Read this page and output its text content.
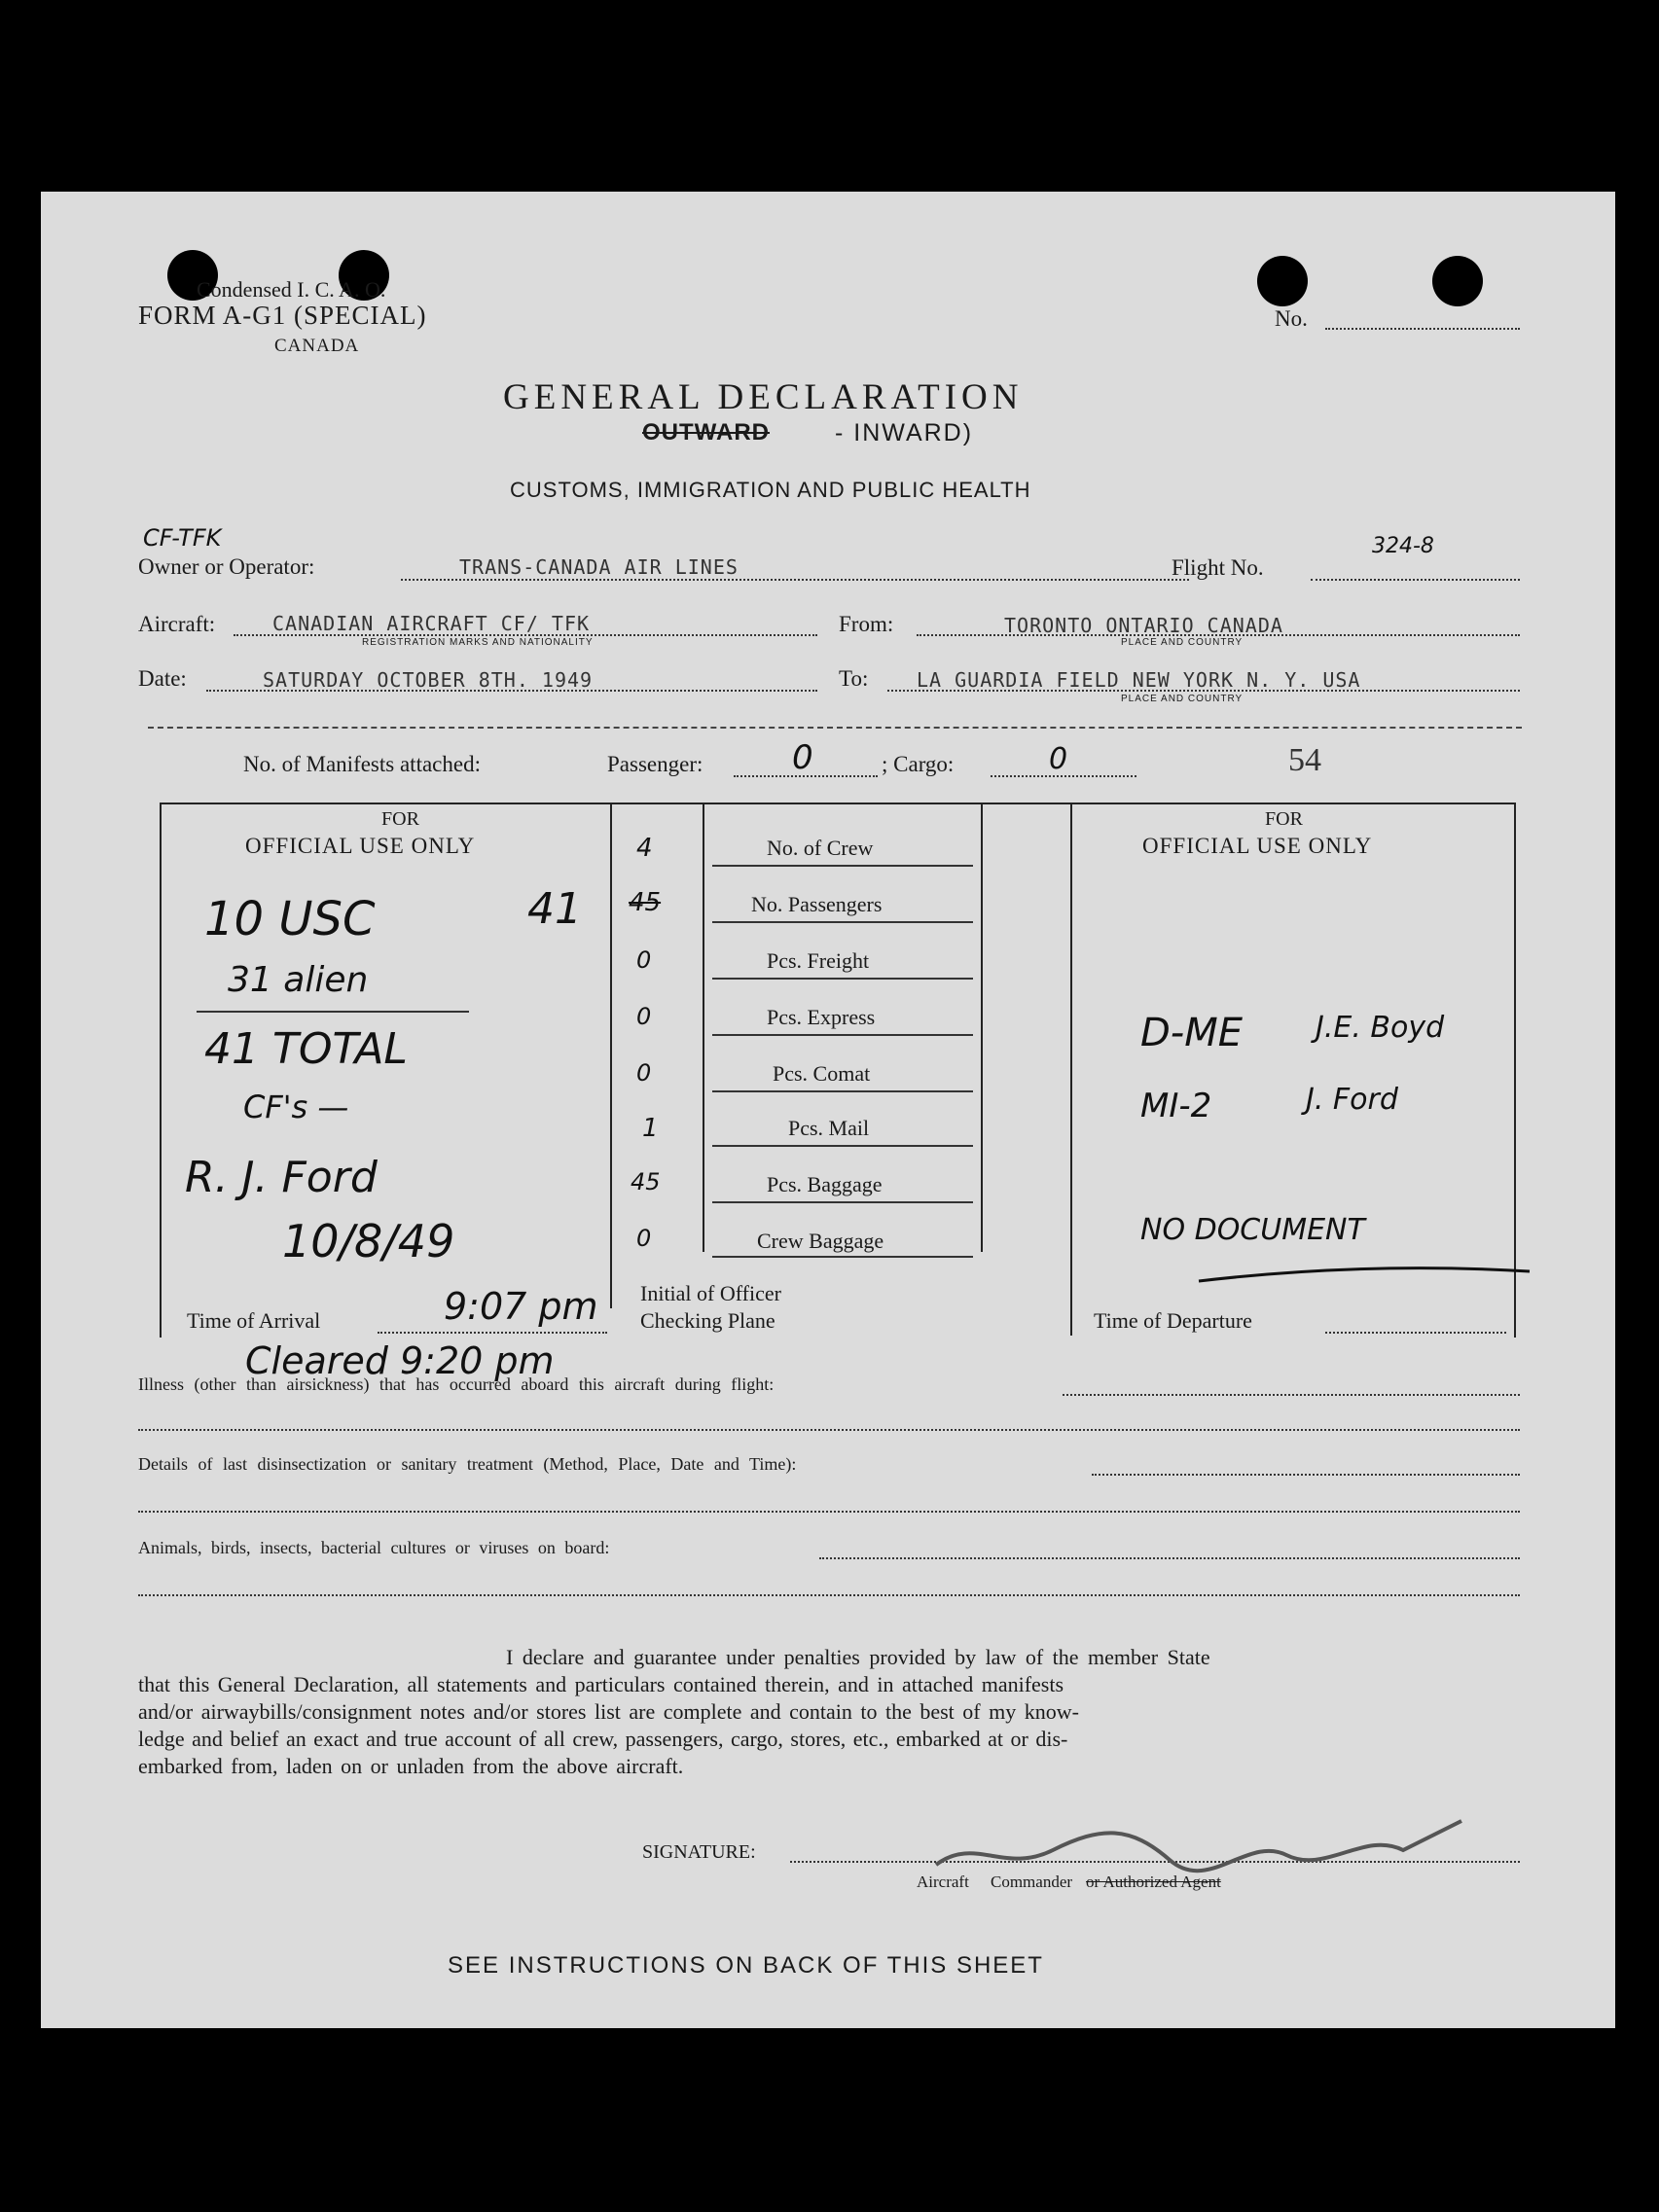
Condensed I. C. A. O.
FORM A-G1 (SPECIAL)
CANADA
No.
GENERAL DECLARATION
OUTWARD	- INWARD)
CUSTOMS, IMMIGRATION AND PUBLIC HEALTH
CF-TFK
Owner or Operator:	TRANS-CANADA AIR LINES	Flight No.
324-8
Aircraft:	CANADIAN AIRCRAFT CF/ TFK
REGISTRATION MARKS AND NATIONALITY
From:	TORONTO ONTARIO CANADA
PLACE AND COUNTRY
Date:	SATURDAY OCTOBER 8TH. 1949	To: LA GUARDIA FIELD NEW YORK N. Y. USA
PLACE AND COUNTRY
No. of Manifests attached:	Passenger:	0	; Cargo:	0	54
FOR
OFFICIAL USE ONLY
FOR
OFFICIAL USE ONLY
4	No. of Crew
45	No. Passengers
0	Pcs. Freight
0	Pcs. Express
0	Pcs. Comat
1	Pcs. Mail
45	Pcs. Baggage
0	Crew Baggage
Initial of Officer
Checking Plane
Time of Arrival	9:07 pm	Time of Departure
10 USC	41
31 alien
41 TOTAL
CF's —
R. J. Ford
10/8/49
D-ME J.E. Boyd
MI-2	J. Ford
NO DOCUMENT
Cleared 9:20 pm
Illness (other than airsickness) that has occurred aboard this aircraft during flight:
Details of last disinsectization or sanitary treatment (Method, Place, Date and Time):
Animals, birds, insects, bacterial cultures or viruses on board:
I declare and guarantee under penalties provided by law of the member State
that this General Declaration, all statements and particulars contained therein, and in attached manifests
and/or airwaybills/consignment notes and/or stores list are complete and contain to the best of my know-
ledge and belief an exact and true account of all crew, passengers, cargo, stores, etc., embarked at or dis-
embarked from, laden on or unladen from the above aircraft.
SIGNATURE:
Aircraft Commander or Authorized Agent
SEE INSTRUCTIONS ON BACK OF THIS SHEET
